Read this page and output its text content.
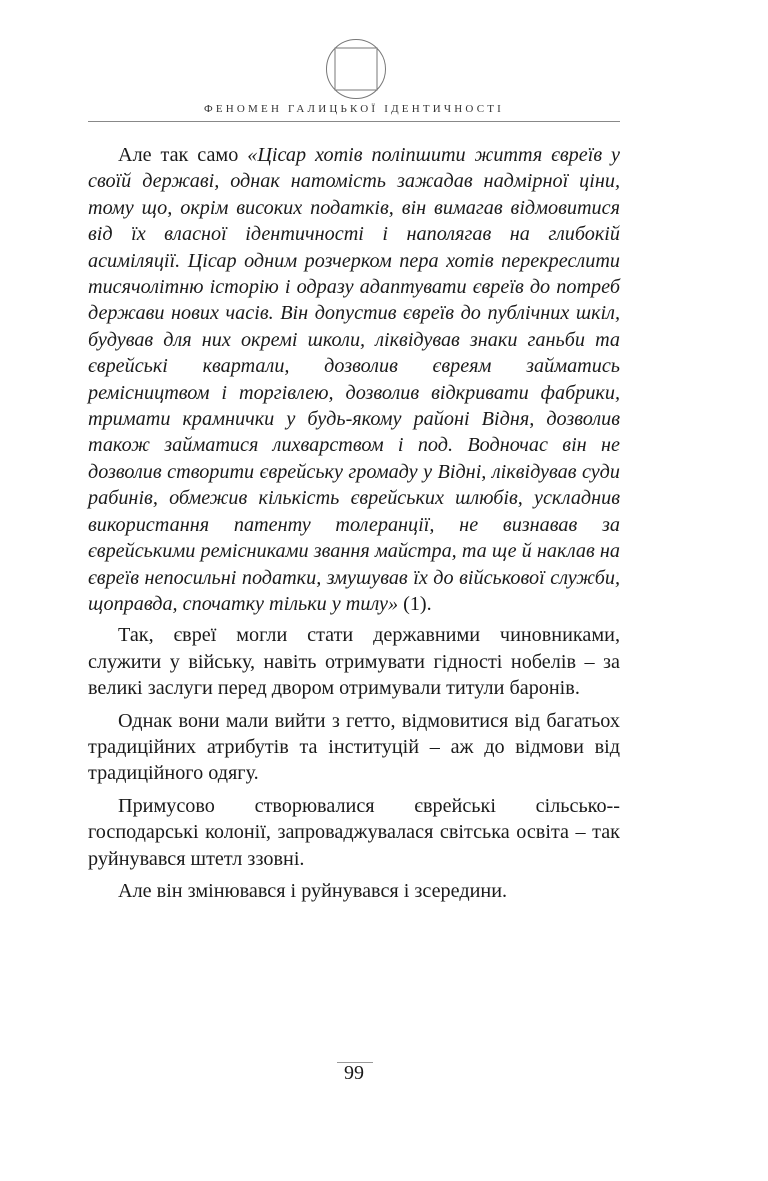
ФЕНОМЕН ГАЛИЦЬКОЇ ІДЕНТИЧНОСТІ

Але так само «Цісар хотів поліпшити життя євреїв у своїй державі, однак натомість зажадав надмірної ціни, тому що, окрім високих податків, він вимагав відмовитися від їх власної ідентичності і наполягав на глибокій асиміляції. Цісар одним розчерком пера хотів перекреслити тисячолітню історію і одразу адаптувати євреїв до потреб держави нових часів. Він допустив євреїв до публічних шкіл, будував для них окремі школи, ліквідував знаки ганьби та єврейські квартали, дозволив євреям займатись ремісництвом і торгівлею, дозволив відкривати фабрики, тримати крамнички у будь-якому районі Відня, дозволив також займатися лихварством і под. Водночас він не дозволив створити єврейську громаду у Відні, ліквідував суди рабинів, обмежив кількість єврейських шлюбів, ускладнив використання патенту толеранції, не визнавав за єврейськими ремісниками звання майстра, та ще й наклав на євреїв непосильні податки, змушував їх до військової служби, щоправда, спочатку тільки у тилу» (1).

Так, євреї могли стати державними чиновниками, служити у війську, навіть отримувати гідності нобелів – за великі заслуги перед двором отримували титули баронів.

Однак вони мали вийти з гетто, відмовитися від багатьох традиційних атрибутів та інституцій – аж до відмови від традиційного одягу.

Примусово створювалися єврейські сільсько--господарські колонії, запроваджувалася світська освіта – так руйнувався штетл ззовні.

Але він змінювався і руйнувався і зсередини.

99
